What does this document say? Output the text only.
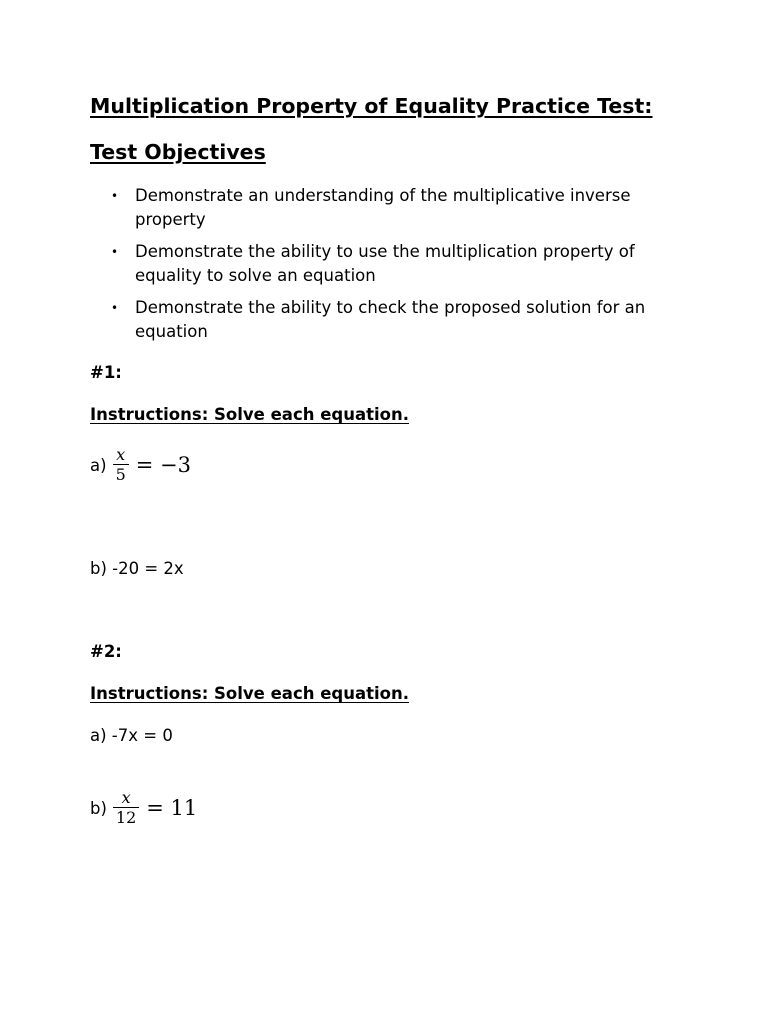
Multiplication Property of Equality Practice Test:
Test Objectives
• Demonstrate an understanding of the multiplicative inverse property
• Demonstrate the ability to use the multiplication property of equality to solve an equation
• Demonstrate the ability to check the proposed solution for an equation
#1:
Instructions: Solve each equation.
$a) \frac{x}{5} = -3$
b) -20 = 2x
#2:
Instructions: Solve each equation.
a) -7x = 0
$b) \frac{x}{12} = 11$
